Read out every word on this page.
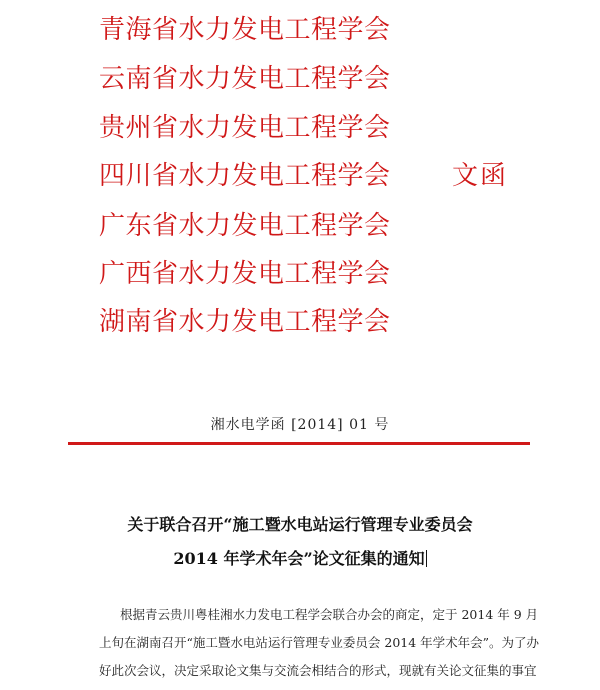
青海省水力发电工程学会
云南省水力发电工程学会
贵州省水力发电工程学会
四川省水力发电工程学会
广东省水力发电工程学会
广西省水力发电工程学会
湖南省水力发电工程学会
文函
湘水电学函 [2014] 01 号
关于联合召开“施工暨水电站运行管理专业委员会
2014 年学术年会”论文征集的通知
根据青云贵川粤桂湘水力发电工程学会联合办会的商定，定于 2014 年 9 月
上旬在湖南召开“施工暨水电站运行管理专业委员会 2014 年学术年会”。为了办
好此次会议，决定采取论文集与交流会相结合的形式，现就有关论文征集的事宜
